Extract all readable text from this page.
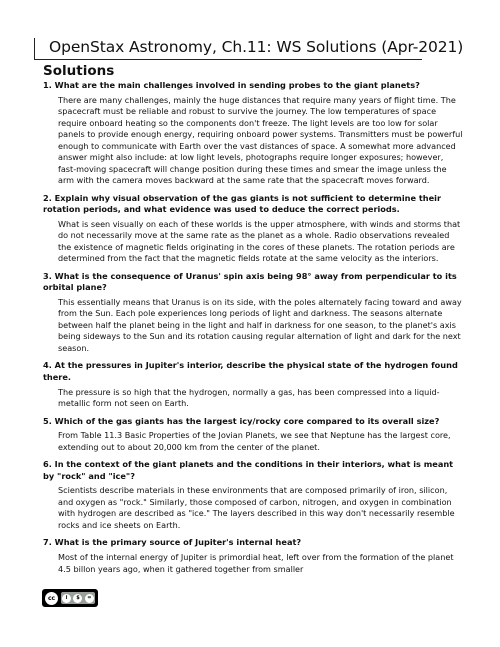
OpenStax Astronomy, Ch.11: WS Solutions (Apr-2021)
Solutions
1. What are the main challenges involved in sending probes to the giant planets?
There are many challenges, mainly the huge distances that require many years of flight time. The spacecraft must be reliable and robust to survive the journey. The low temperatures of space require onboard heating so the components don't freeze. The light levels are too low for solar panels to provide enough energy, requiring onboard power systems. Transmitters must be powerful enough to communicate with Earth over the vast distances of space. A somewhat more advanced answer might also include: at low light levels, photographs require longer exposures; however, fast-moving spacecraft will change position during these times and smear the image unless the arm with the camera moves backward at the same rate that the spacecraft moves forward.
2. Explain why visual observation of the gas giants is not sufficient to determine their rotation periods, and what evidence was used to deduce the correct periods.
What is seen visually on each of these worlds is the upper atmosphere, with winds and storms that do not necessarily move at the same rate as the planet as a whole. Radio observations revealed the existence of magnetic fields originating in the cores of these planets. The rotation periods are determined from the fact that the magnetic fields rotate at the same velocity as the interiors.
3. What is the consequence of Uranus' spin axis being 98° away from perpendicular to its orbital plane?
This essentially means that Uranus is on its side, with the poles alternately facing toward and away from the Sun. Each pole experiences long periods of light and darkness. The seasons alternate between half the planet being in the light and half in darkness for one season, to the planet's axis being sideways to the Sun and its rotation causing regular alternation of light and dark for the next season.
4. At the pressures in Jupiter's interior, describe the physical state of the hydrogen found there.
The pressure is so high that the hydrogen, normally a gas, has been compressed into a liquid-metallic form not seen on Earth.
5. Which of the gas giants has the largest icy/rocky core compared to its overall size?
From Table 11.3 Basic Properties of the Jovian Planets, we see that Neptune has the largest core, extending out to about 20,000 km from the center of the planet.
6. In the context of the giant planets and the conditions in their interiors, what is meant by "rock" and "ice"?
Scientists describe materials in these environments that are composed primarily of iron, silicon, and oxygen as "rock." Similarly, those composed of carbon, nitrogen, and oxygen in combination with hydrogen are described as "ice." The layers described in this way don't necessarily resemble rocks and ice sheets on Earth.
7. What is the primary source of Jupiter's internal heat?
Most of the internal energy of Jupiter is primordial heat, left over from the formation of the planet 4.5 billon years ago, when it gathered together from smaller
cc	i	$	=
